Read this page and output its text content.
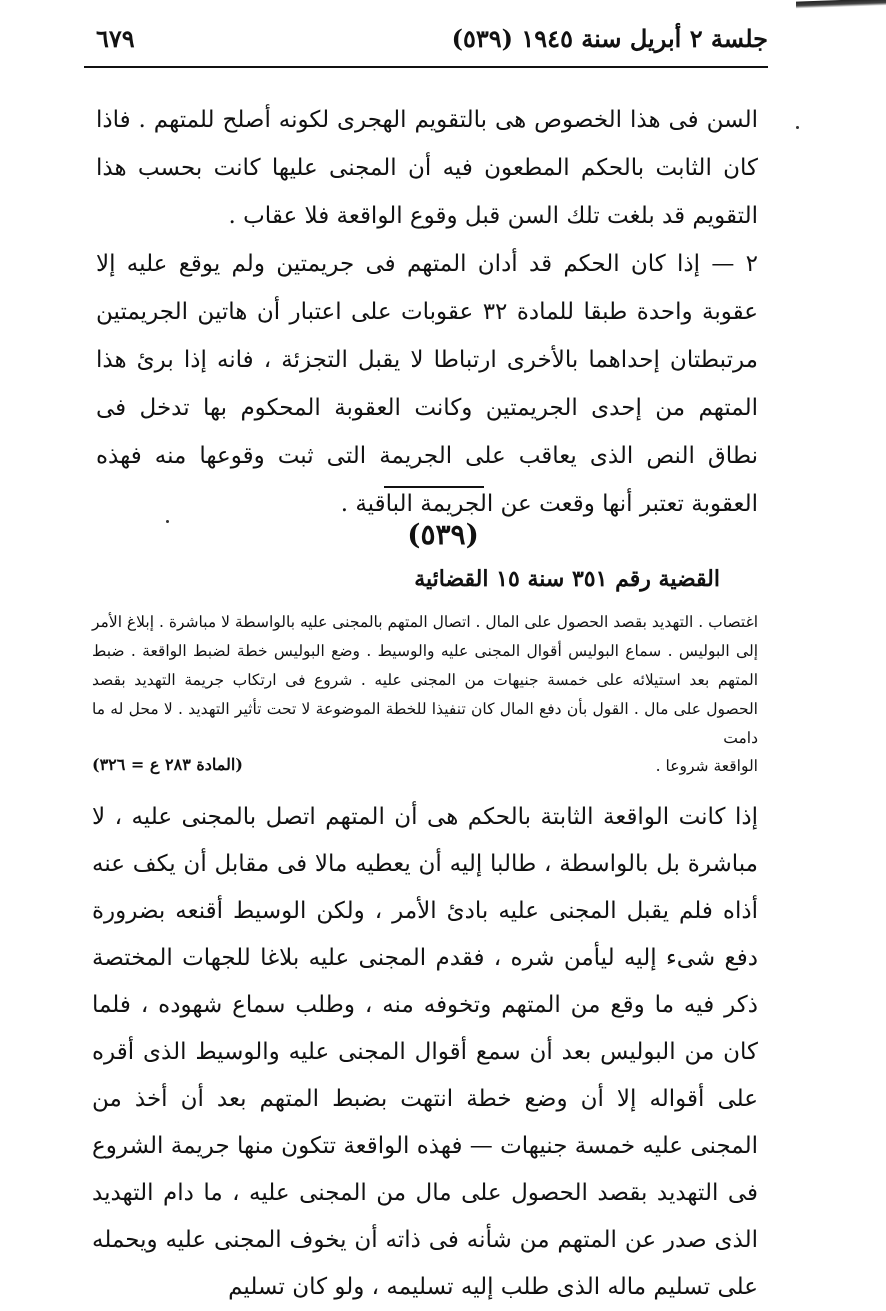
جلسة ٢ أبريل سنة ١٩٤٥ (٥٣٩)
٦٧٩
السن فى هذا الخصوص هى بالتقويم الهجرى لكونه أصلح للمتهم . فاذا كان الثابت بالحكم المطعون فيه أن المجنى عليها كانت بحسب هذا التقويم قد بلغت تلك السن قبل وقوع الواقعة فلا عقاب .
٢ — إذا كان الحكم قد أدان المتهم فى جريمتين ولم يوقع عليه إلا عقوبة واحدة طبقا للمادة ٣٢ عقوبات على اعتبار أن هاتين الجريمتين مرتبطتان إحداهما بالأخرى ارتباطا لا يقبل التجزئة ، فانه إذا برئ هذا المتهم من إحدى الجريمتين وكانت العقوبة المحكوم بها تدخل فى نطاق النص الذى يعاقب على الجريمة التى ثبت وقوعها منه فهذه العقوبة تعتبر أنها وقعت عن الجريمة الباقية .
(٥٣٩)
القضية رقم ٣٥١ سنة ١٥ القضائية
اغتصاب . التهديد بقصد الحصول على المال . اتصال المتهم بالمجنى عليه بالواسطة لا مباشرة . إبلاغ الأمر إلى البوليس . سماع البوليس أقوال المجنى عليه والوسيط . وضع البوليس خطة لضبط الواقعة . ضبط المتهم بعد استيلائه على خمسة جنيهات من المجنى عليه . شروع فى ارتكاب جريمة التهديد بقصد الحصول على مال . القول بأن دفع المال كان تنفيذا للخطة الموضوعة لا تحت تأثير التهديد . لا محل له ما دامت
الواقعة شروعا .
(المادة ٢٨٣ ع = ٣٢٦)
إذا كانت الواقعة الثابتة بالحكم هى أن المتهم اتصل بالمجنى عليه ، لا مباشرة بل بالواسطة ، طالبا إليه أن يعطيه مالا فى مقابل أن يكف عنه أذاه فلم يقبل المجنى عليه بادئ الأمر ، ولكن الوسيط أقنعه بضرورة دفع شىء إليه ليأمن شره ، فقدم المجنى عليه بلاغا للجهات المختصة ذكر فيه ما وقع من المتهم وتخوفه منه ، وطلب سماع شهوده ، فلما كان من البوليس بعد أن سمع أقوال المجنى عليه والوسيط الذى أقره على أقواله إلا أن وضع خطة انتهت بضبط المتهم بعد أن أخذ من المجنى عليه خمسة جنيهات — فهذه الواقعة تتكون منها جريمة الشروع فى التهديد بقصد الحصول على مال من المجنى عليه ، ما دام التهديد الذى صدر عن المتهم من شأنه فى ذاته أن يخوف المجنى عليه ويحمله على تسليم ماله الذى طلب إليه تسليمه ، ولو كان تسليم
